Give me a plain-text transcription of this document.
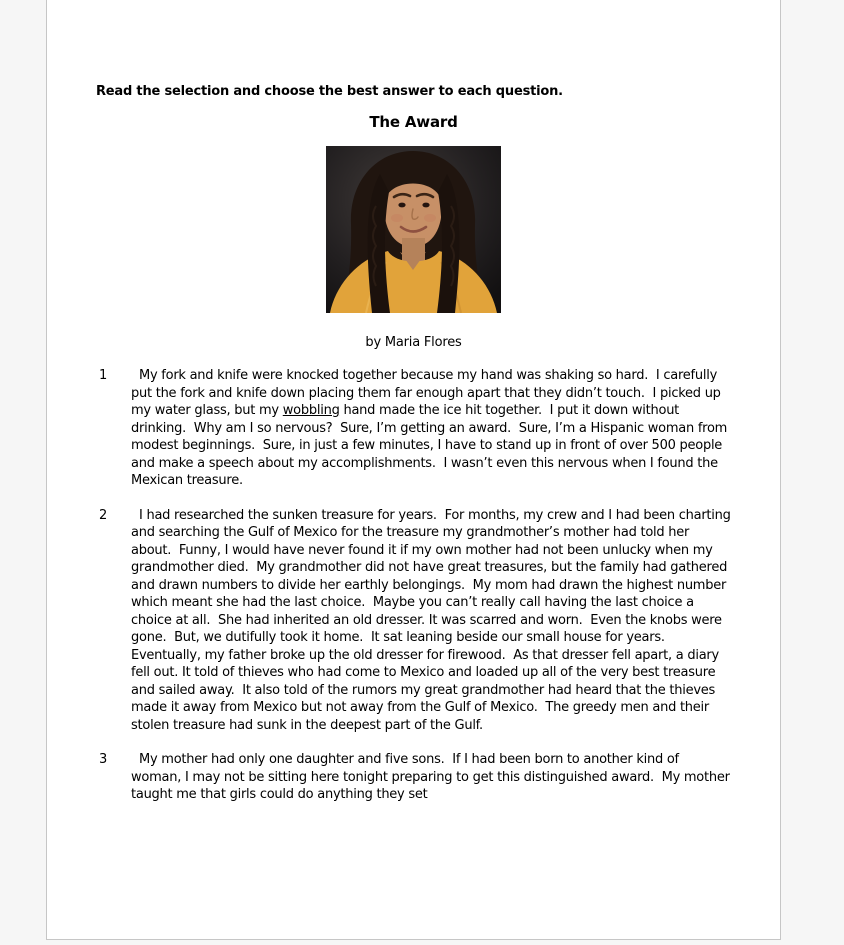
Read the selection and choose the best answer to each question.
The Award
by Maria Flores
1	My fork and knife were knocked together because my hand was shaking so hard.  I carefully put the fork and knife down placing them far enough apart that they didn’t touch.  I picked up my water glass, but my wobbling hand made the ice hit together.  I put it down without drinking.  Why am I so nervous?  Sure, I’m getting an award.  Sure, I’m a Hispanic woman from modest beginnings.  Sure, in just a few minutes, I have to stand up in front of over 500 people and make a speech about my accomplishments.  I wasn’t even this nervous when I found the Mexican treasure.
2	I had researched the sunken treasure for years.  For months, my crew and I had been charting and searching the Gulf of Mexico for the treasure my grandmother’s mother had told her about.  Funny, I would have never found it if my own mother had not been unlucky when my grandmother died.  My grandmother did not have great treasures, but the family had gathered and drawn numbers to divide her earthly belongings.  My mom had drawn the highest number which meant she had the last choice.  Maybe you can’t really call having the last choice a choice at all.  She had inherited an old dresser. It was scarred and worn.  Even the knobs were gone.  But, we dutifully took it home.  It sat leaning beside our small house for years.  Eventually, my father broke up the old dresser for firewood.  As that dresser fell apart, a diary fell out. It told of thieves who had come to Mexico and loaded up all of the very best treasure and sailed away.  It also told of the rumors my great grandmother had heard that the thieves made it away from Mexico but not away from the Gulf of Mexico.  The greedy men and their stolen treasure had sunk in the deepest part of the Gulf.
3	My mother had only one daughter and five sons.  If I had been born to another kind of woman, I may not be sitting here tonight preparing to get this distinguished award.  My mother taught me that girls could do anything they set
